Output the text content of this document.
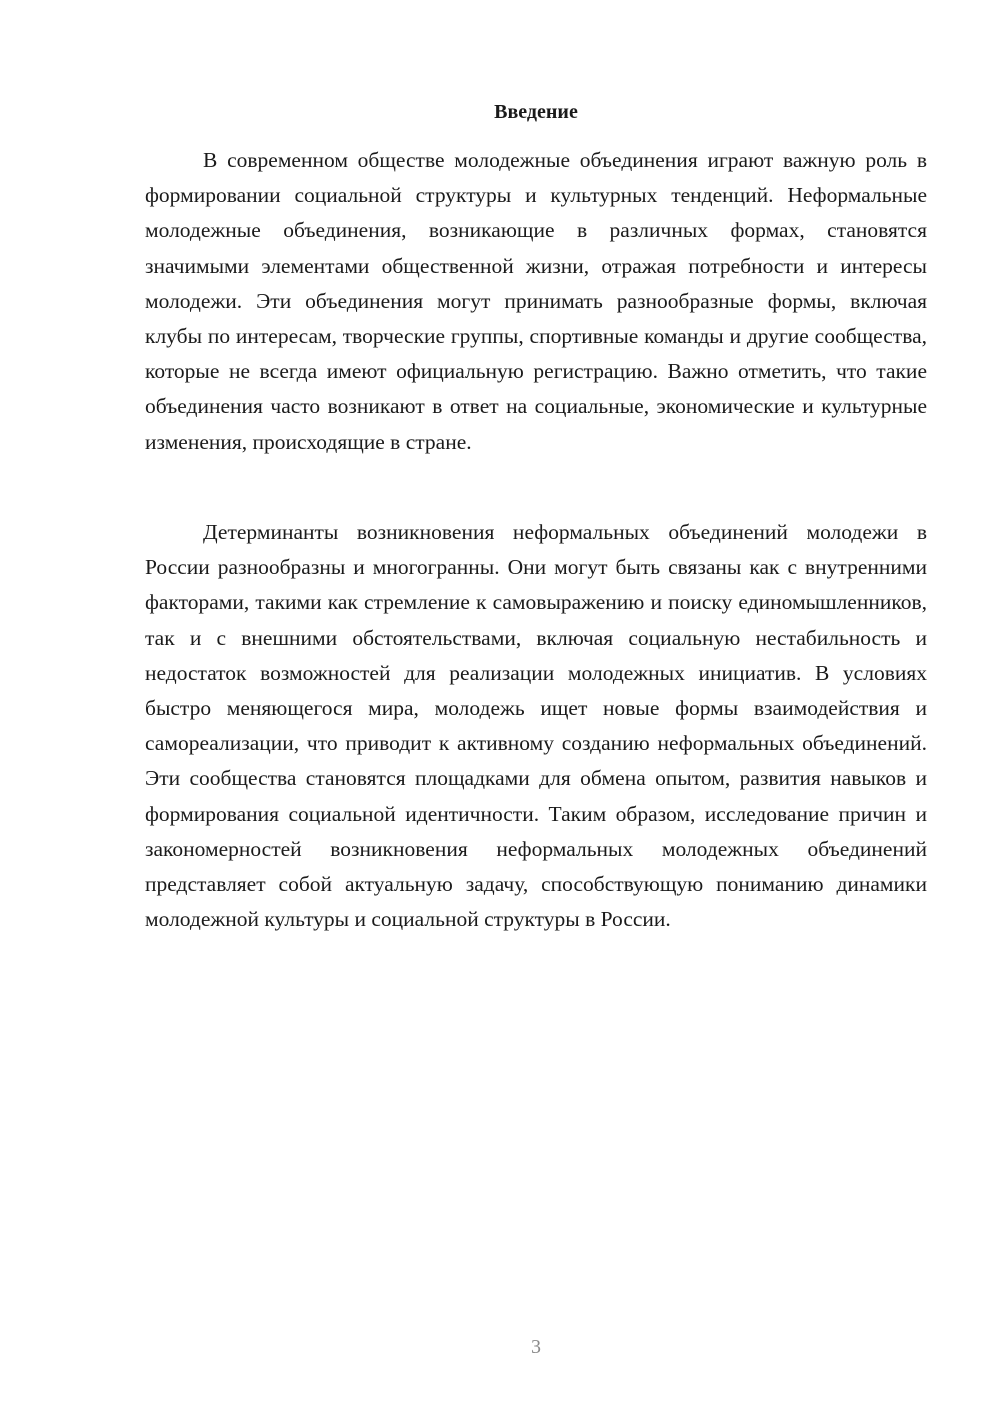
Введение

В современном обществе молодежные объединения играют важную роль в формировании социальной структуры и культурных тенденций. Неформальные молодежные объединения, возникающие в различных формах, становятся значимыми элементами общественной жизни, отражая потребности и интересы молодежи. Эти объединения могут принимать разнообразные формы, включая клубы по интересам, творческие группы, спортивные команды и другие сообщества, которые не всегда имеют официальную регистрацию. Важно отметить, что такие объединения часто возникают в ответ на социальные, экономические и культурные изменения, происходящие в стране.

Детерминанты возникновения неформальных объединений молодежи в России разнообразны и многогранны. Они могут быть связаны как с внутренними факторами, такими как стремление к самовыражению и поиску единомышленников, так и с внешними обстоятельствами, включая социальную нестабильность и недостаток возможностей для реализации молодежных инициатив. В условиях быстро меняющегося мира, молодежь ищет новые формы взаимодействия и самореализации, что приводит к активному созданию неформальных объединений. Эти сообщества становятся площадками для обмена опытом, развития навыков и формирования социальной идентичности. Таким образом, исследование причин и закономерностей возникновения неформальных молодежных объединений представляет собой актуальную задачу, способствующую пониманию динамики молодежной культуры и социальной структуры в России.

3
